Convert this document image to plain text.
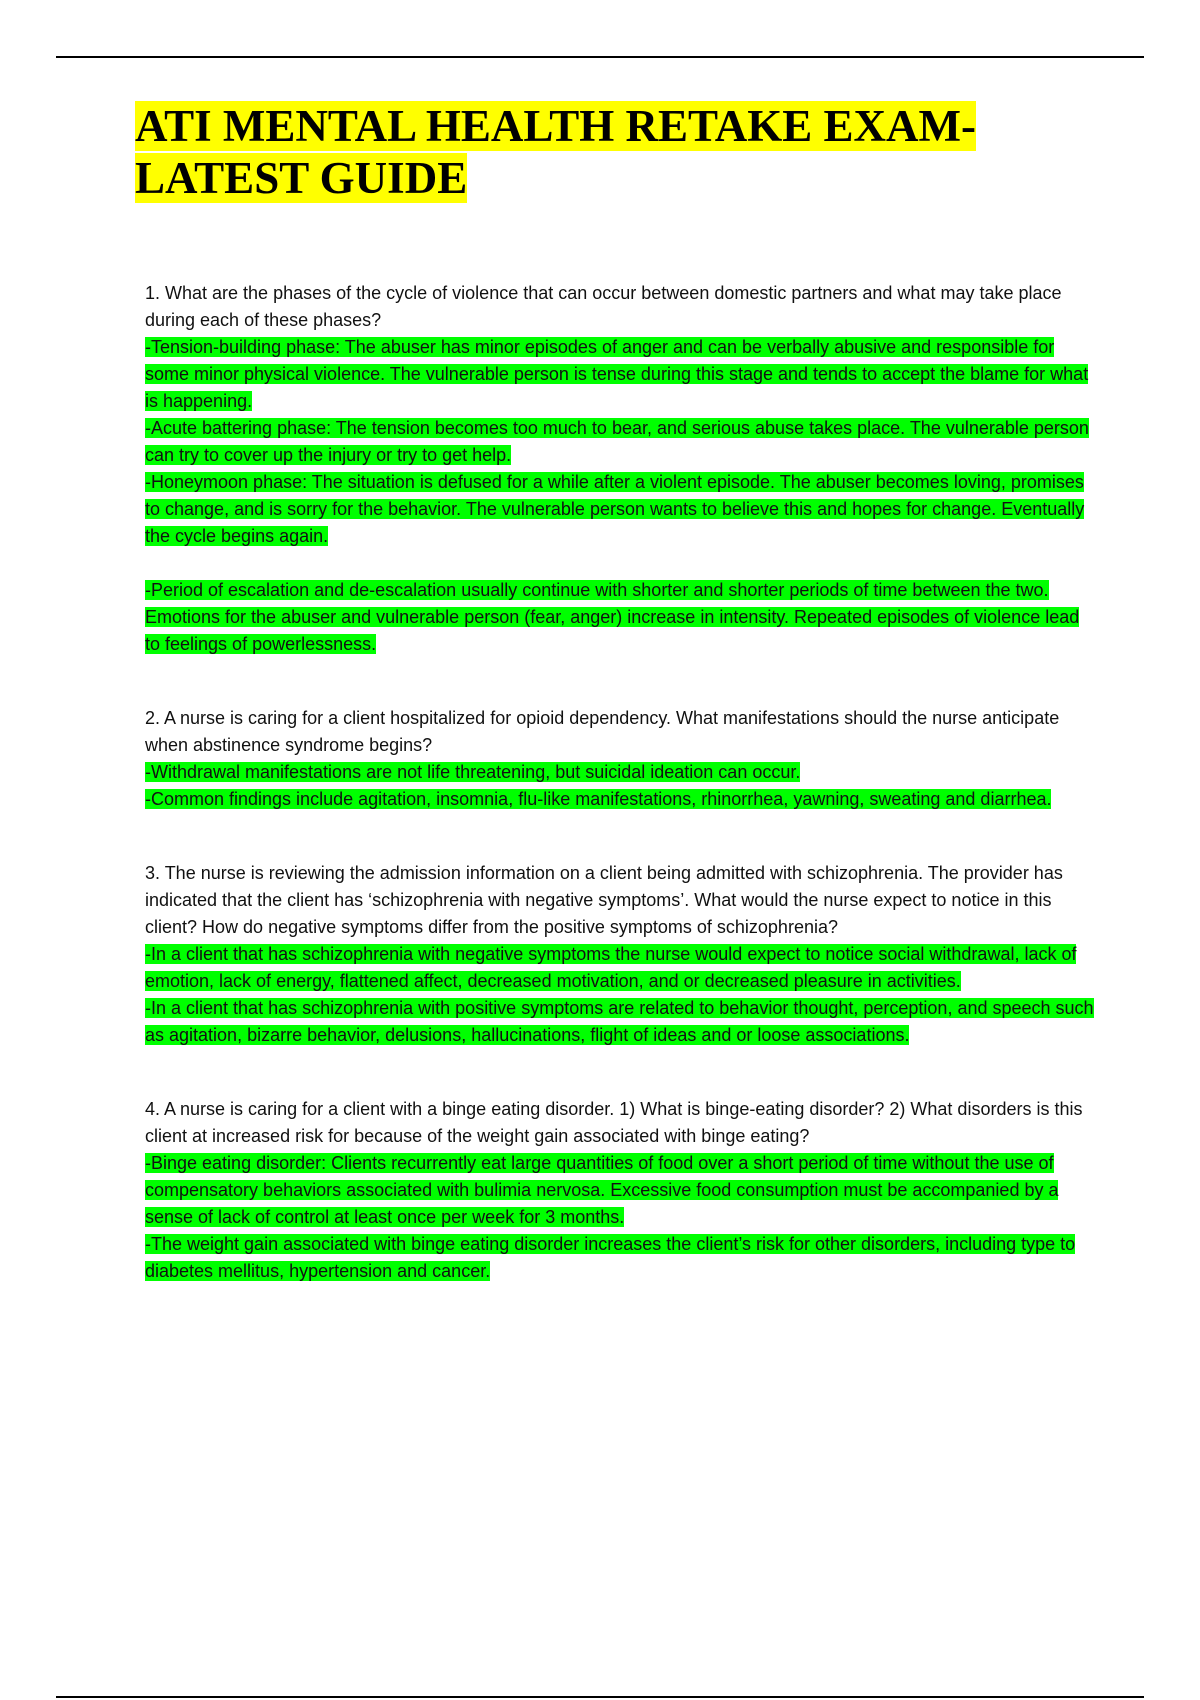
ATI MENTAL HEALTH RETAKE EXAM-LATEST GUIDE

1. What are the phases of the cycle of violence that can occur between domestic partners and what may take place during each of these phases?

-Tension-building phase: The abuser has minor episodes of anger and can be verbally abusive and responsible for some minor physical violence. The vulnerable person is tense during this stage and tends to accept the blame for what is happening.

-Acute battering phase: The tension becomes too much to bear, and serious abuse takes place. The vulnerable person can try to cover up the injury or try to get help.

-Honeymoon phase: The situation is defused for a while after a violent episode. The abuser becomes loving, promises to change, and is sorry for the behavior. The vulnerable person wants to believe this and hopes for change. Eventually the cycle begins again.

-Period of escalation and de-escalation usually continue with shorter and shorter periods of time between the two. Emotions for the abuser and vulnerable person (fear, anger) increase in intensity. Repeated episodes of violence lead to feelings of powerlessness.

2. A nurse is caring for a client hospitalized for opioid dependency. What manifestations should the nurse anticipate when abstinence syndrome begins?

-Withdrawal manifestations are not life threatening, but suicidal ideation can occur.

-Common findings include agitation, insomnia, flu-like manifestations, rhinorrhea, yawning, sweating and diarrhea.

3. The nurse is reviewing the admission information on a client being admitted with schizophrenia. The provider has indicated that the client has ‘schizophrenia with negative symptoms’. What would the nurse expect to notice in this client? How do negative symptoms differ from the positive symptoms of schizophrenia?

-In a client that has schizophrenia with negative symptoms the nurse would expect to notice social withdrawal, lack of emotion, lack of energy, flattened affect, decreased motivation, and or decreased pleasure in activities.

-In a client that has schizophrenia with positive symptoms are related to behavior thought, perception, and speech such as agitation, bizarre behavior, delusions, hallucinations, flight of ideas and or loose associations.

4. A nurse is caring for a client with a binge eating disorder. 1) What is binge-eating disorder? 2) What disorders is this client at increased risk for because of the weight gain associated with binge eating?

-Binge eating disorder: Clients recurrently eat large quantities of food over a short period of time without the use of compensatory behaviors associated with bulimia nervosa. Excessive food consumption must be accompanied by a sense of lack of control at least once per week for 3 months.

-The weight gain associated with binge eating disorder increases the client’s risk for other disorders, including type to diabetes mellitus, hypertension and cancer.
